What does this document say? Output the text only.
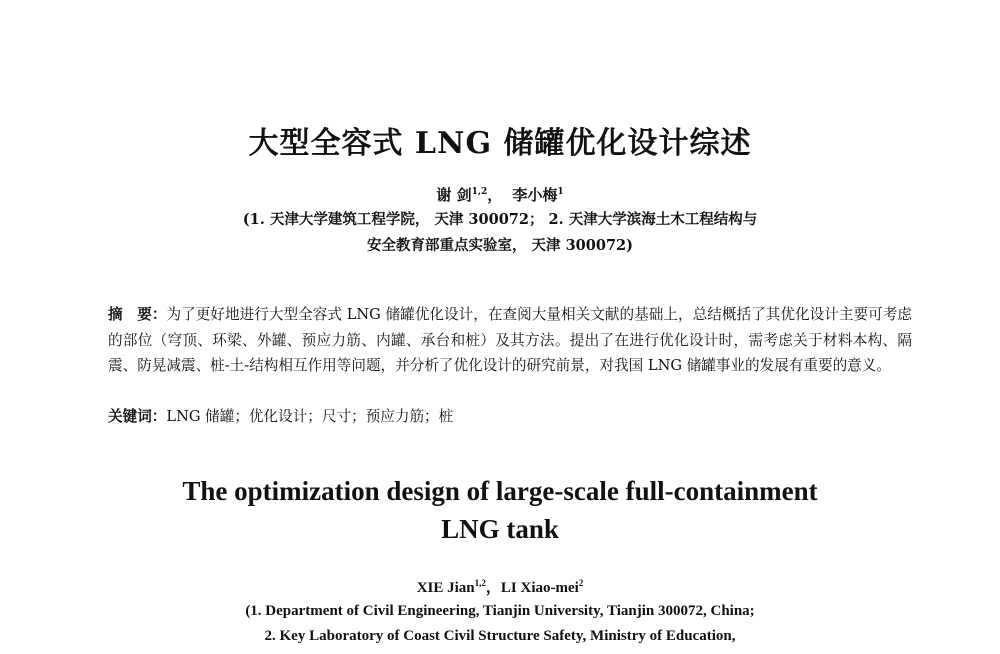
大型全容式 LNG 储罐优化设计综述
谢 剑$^{1,2}$， 李小梅$^1$
(1. 天津大学建筑工程学院， 天津 300072； 2. 天津大学滨海土木工程结构与
安全教育部重点实验室， 天津 300072)
摘　要：为了更好地进行大型全容式 LNG 储罐优化设计，在查阅大量相关文献的基础上，总结概括了其优化设计主要可考虑的部位（穹顶、环梁、外罐、预应力筋、内罐、承台和桩）及其方法。提出了在进行优化设计时，需考虑关于材料本构、隔震、防晃减震、桩-土-结构相互作用等问题，并分析了优化设计的研究前景，对我国 LNG 储罐事业的发展有重要的意义。
关键词：LNG 储罐；优化设计；尺寸；预应力筋；桩
The optimization design of large-scale full-containment
LNG tank
XIE Jian$^{1,2}$，LI Xiao-mei$^2$
(1. Department of Civil Engineering, Tianjin University, Tianjin 300072, China;
2. Key Laboratory of Coast Civil Structure Safety, Ministry of Education,
